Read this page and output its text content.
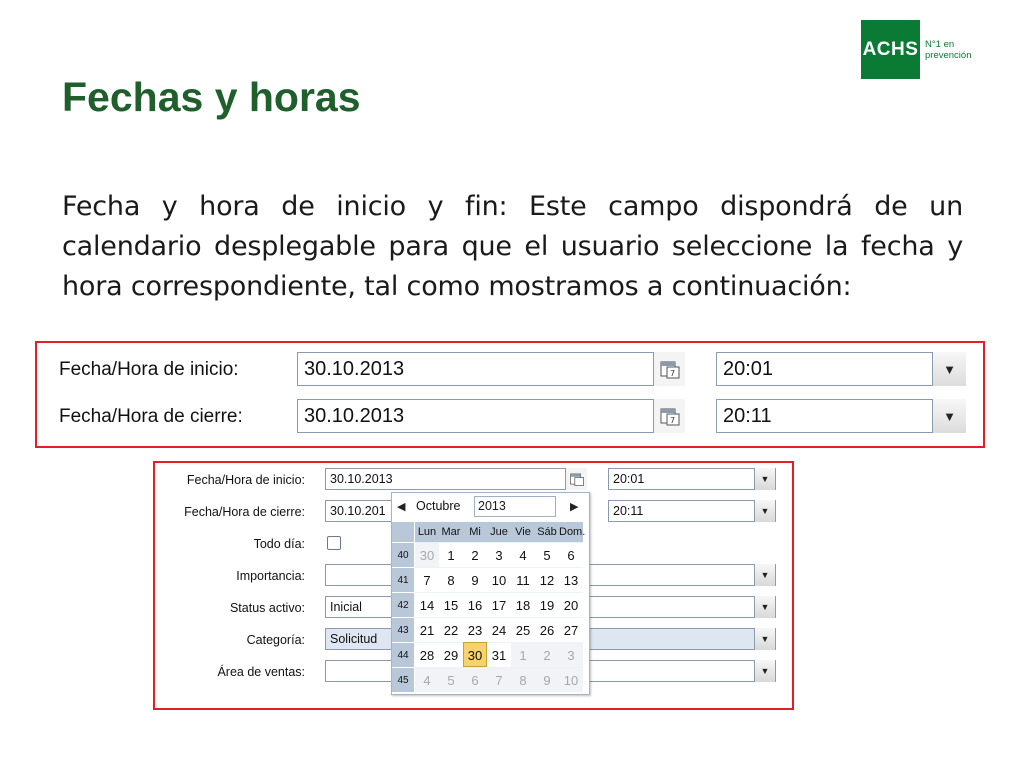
ACHS N°1 en
prevención
Fechas y horas

Fecha y hora de inicio y fin: Este campo dispondrá de un calendario desplegable para que el usuario seleccione la fecha y hora correspondiente, tal como mostramos a continuación:

Fecha/Hora de inicio:	30.10.2013	7	20:01	▼
Fecha/Hora de cierre:	30.10.2013	7	20:11	▼
Fecha/Hora de inicio:	30.10.2013	20:01	▼
Fecha/Hora de cierre:	30.10.201	20:11	▼
Todo día:
Importancia:	▼
Status activo:	Inicial	▼
Categoría:	Solicitud	▼
Área de ventas:	▼
◀ Octubre	2013	▶
Lun Mar Mi Jue Vie Sáb Dom.
40 30	1	2	3	4	5	6
41	7	8	9	10 11 12 13
42 14 15 16 17 18 19 20
43 21 22 23 24 25 26 27
44 28 29 30 31	1	2	3
45	4	5	6	7	8	9	10
